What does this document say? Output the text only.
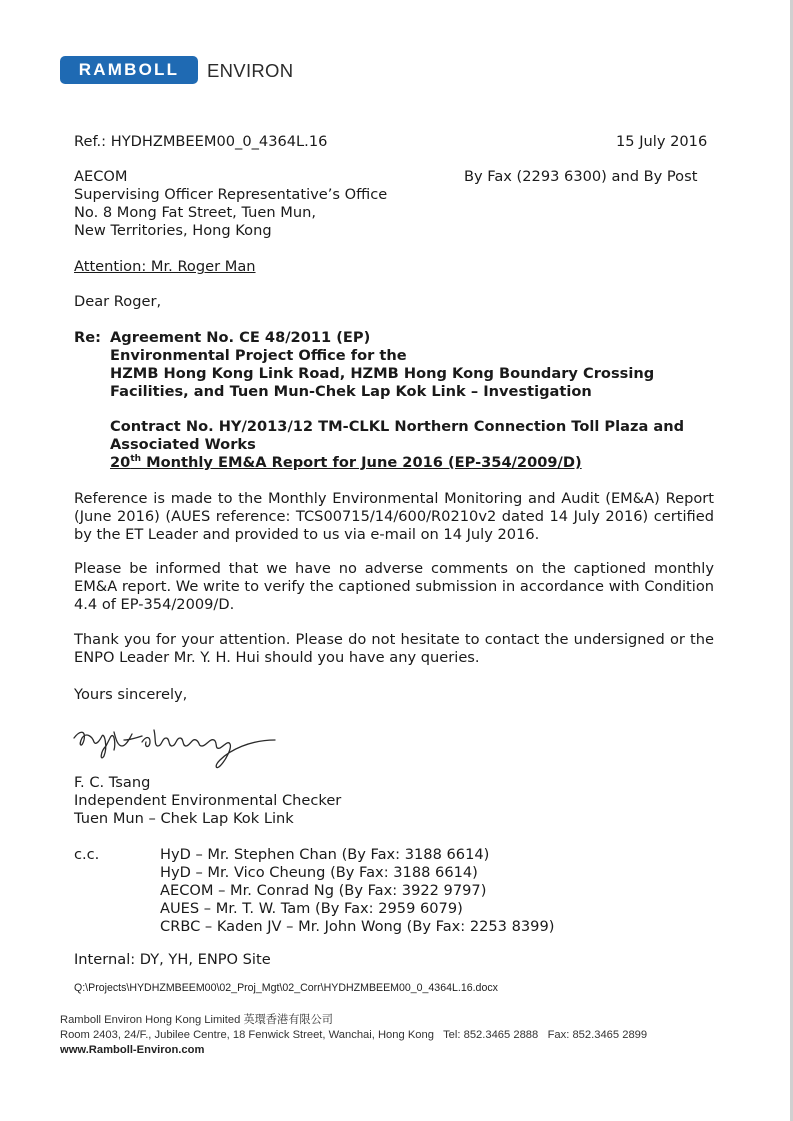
RAMBOLL	ENVIRON
Ref.: HYDHZMBEEM00_0_4364L.16	15 July 2016
AECOM
Supervising Officer Representative’s Office
No. 8 Mong Fat Street, Tuen Mun,
New Territories, Hong Kong
By Fax (2293 6300) and By Post
Attention: Mr. Roger Man
Dear Roger,
Re: Agreement No. CE 48/2011 (EP)
Environmental Project Office for the
HZMB Hong Kong Link Road, HZMB Hong Kong Boundary Crossing
Facilities, and Tuen Mun-Chek Lap Kok Link – Investigation
Contract No. HY/2013/12 TM-CLKL Northern Connection Toll Plaza and
Associated Works
20th Monthly EM&A Report for June 2016 (EP-354/2009/D)
Reference is made to the Monthly Environmental Monitoring and Audit (EM&A) Report (June 2016) (AUES reference: TCS00715/14/600/R0210v2 dated 14 July 2016) certified by the ET Leader and provided to us via e-mail on 14 July 2016.
Please be informed that we have no adverse comments on the captioned monthly EM&A report. We write to verify the captioned submission in accordance with Condition 4.4 of EP-354/2009/D.
Thank you for your attention. Please do not hesitate to contact the undersigned or the ENPO Leader Mr. Y. H. Hui should you have any queries.
Yours sincerely,
F. C. Tsang
Independent Environmental Checker
Tuen Mun – Chek Lap Kok Link
c.c.	HyD – Mr. Stephen Chan (By Fax: 3188 6614)
HyD – Mr. Vico Cheung (By Fax: 3188 6614)
AECOM – Mr. Conrad Ng (By Fax: 3922 9797)
AUES – Mr. T. W. Tam (By Fax: 2959 6079)
CRBC – Kaden JV – Mr. John Wong (By Fax: 2253 8399)
Internal: DY, YH, ENPO Site
Q:\Projects\HYDHZMBEEM00\02_Proj_Mgt\02_Corr\HYDHZMBEEM00_0_4364L.16.docx
Ramboll Environ Hong Kong Limited 英環香港有限公司
Room 2403, 24/F., Jubilee Centre, 18 Fenwick Street, Wanchai, Hong Kong Tel: 852.3465 2888 Fax: 852.3465 2899
www.Ramboll-Environ.com
